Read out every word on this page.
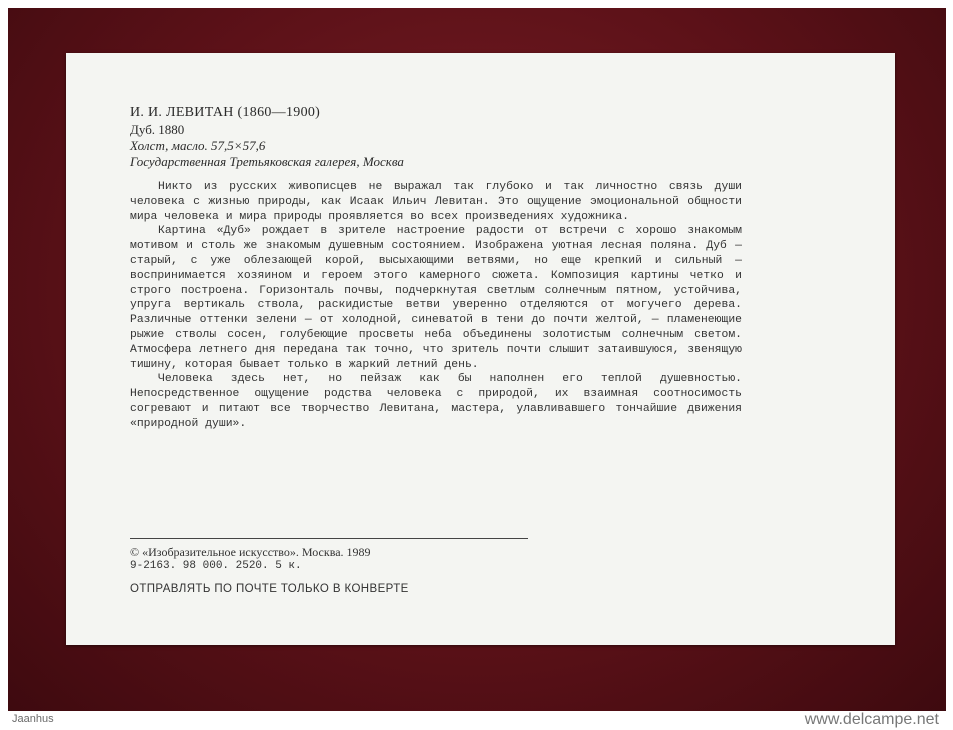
И. И. ЛЕВИТАН (1860—1900)
Дуб. 1880
Холст, масло. 57,5×57,6
Государственная Третьяковская галерея, Москва

Никто из русских живописцев не выражал так глубоко и так личностно связь души человека с жизнью природы, как Исаак Ильич Левитан. Это ощущение эмоциональной общности мира человека и мира природы проявляется во всех произведениях художника.

Картина «Дуб» рождает в зрителе настроение радости от встречи с хорошо знакомым мотивом и столь же знакомым душевным состоянием. Изображена уютная лесная поляна. Дуб — старый, с уже облезающей корой, высыхающими ветвями, но еще крепкий и сильный — воспринимается хозяином и героем этого камерного сюжета. Композиция картины четко и строго построена. Горизонталь почвы, подчеркнутая светлым солнечным пятном, устойчива, упруга вертикаль ствола, раскидистые ветви уверенно отделяются от могучего дерева. Различные оттенки зелени — от холодной, синеватой в тени до почти желтой, — пламенеющие рыжие стволы сосен, голубеющие просветы неба объединены золотистым солнечным светом. Атмосфера летнего дня передана так точно, что зритель почти слышит затаившуюся, звенящую тишину, которая бывает только в жаркий летний день.

Человека здесь нет, но пейзаж как бы наполнен его теплой душевностью. Непосредственное ощущение родства человека с природой, их взаимная соотносимость согревают и питают все творчество Левитана, мастера, улавливавшего тончайшие движения «природной души».

© «Изобразительное искусство». Москва. 1989
9-2163. 98 000. 2520. 5 к.
ОТПРАВЛЯТЬ ПО ПОЧТЕ ТОЛЬКО В КОНВЕРТЕ
Jaanhus	www.delcampe.net
